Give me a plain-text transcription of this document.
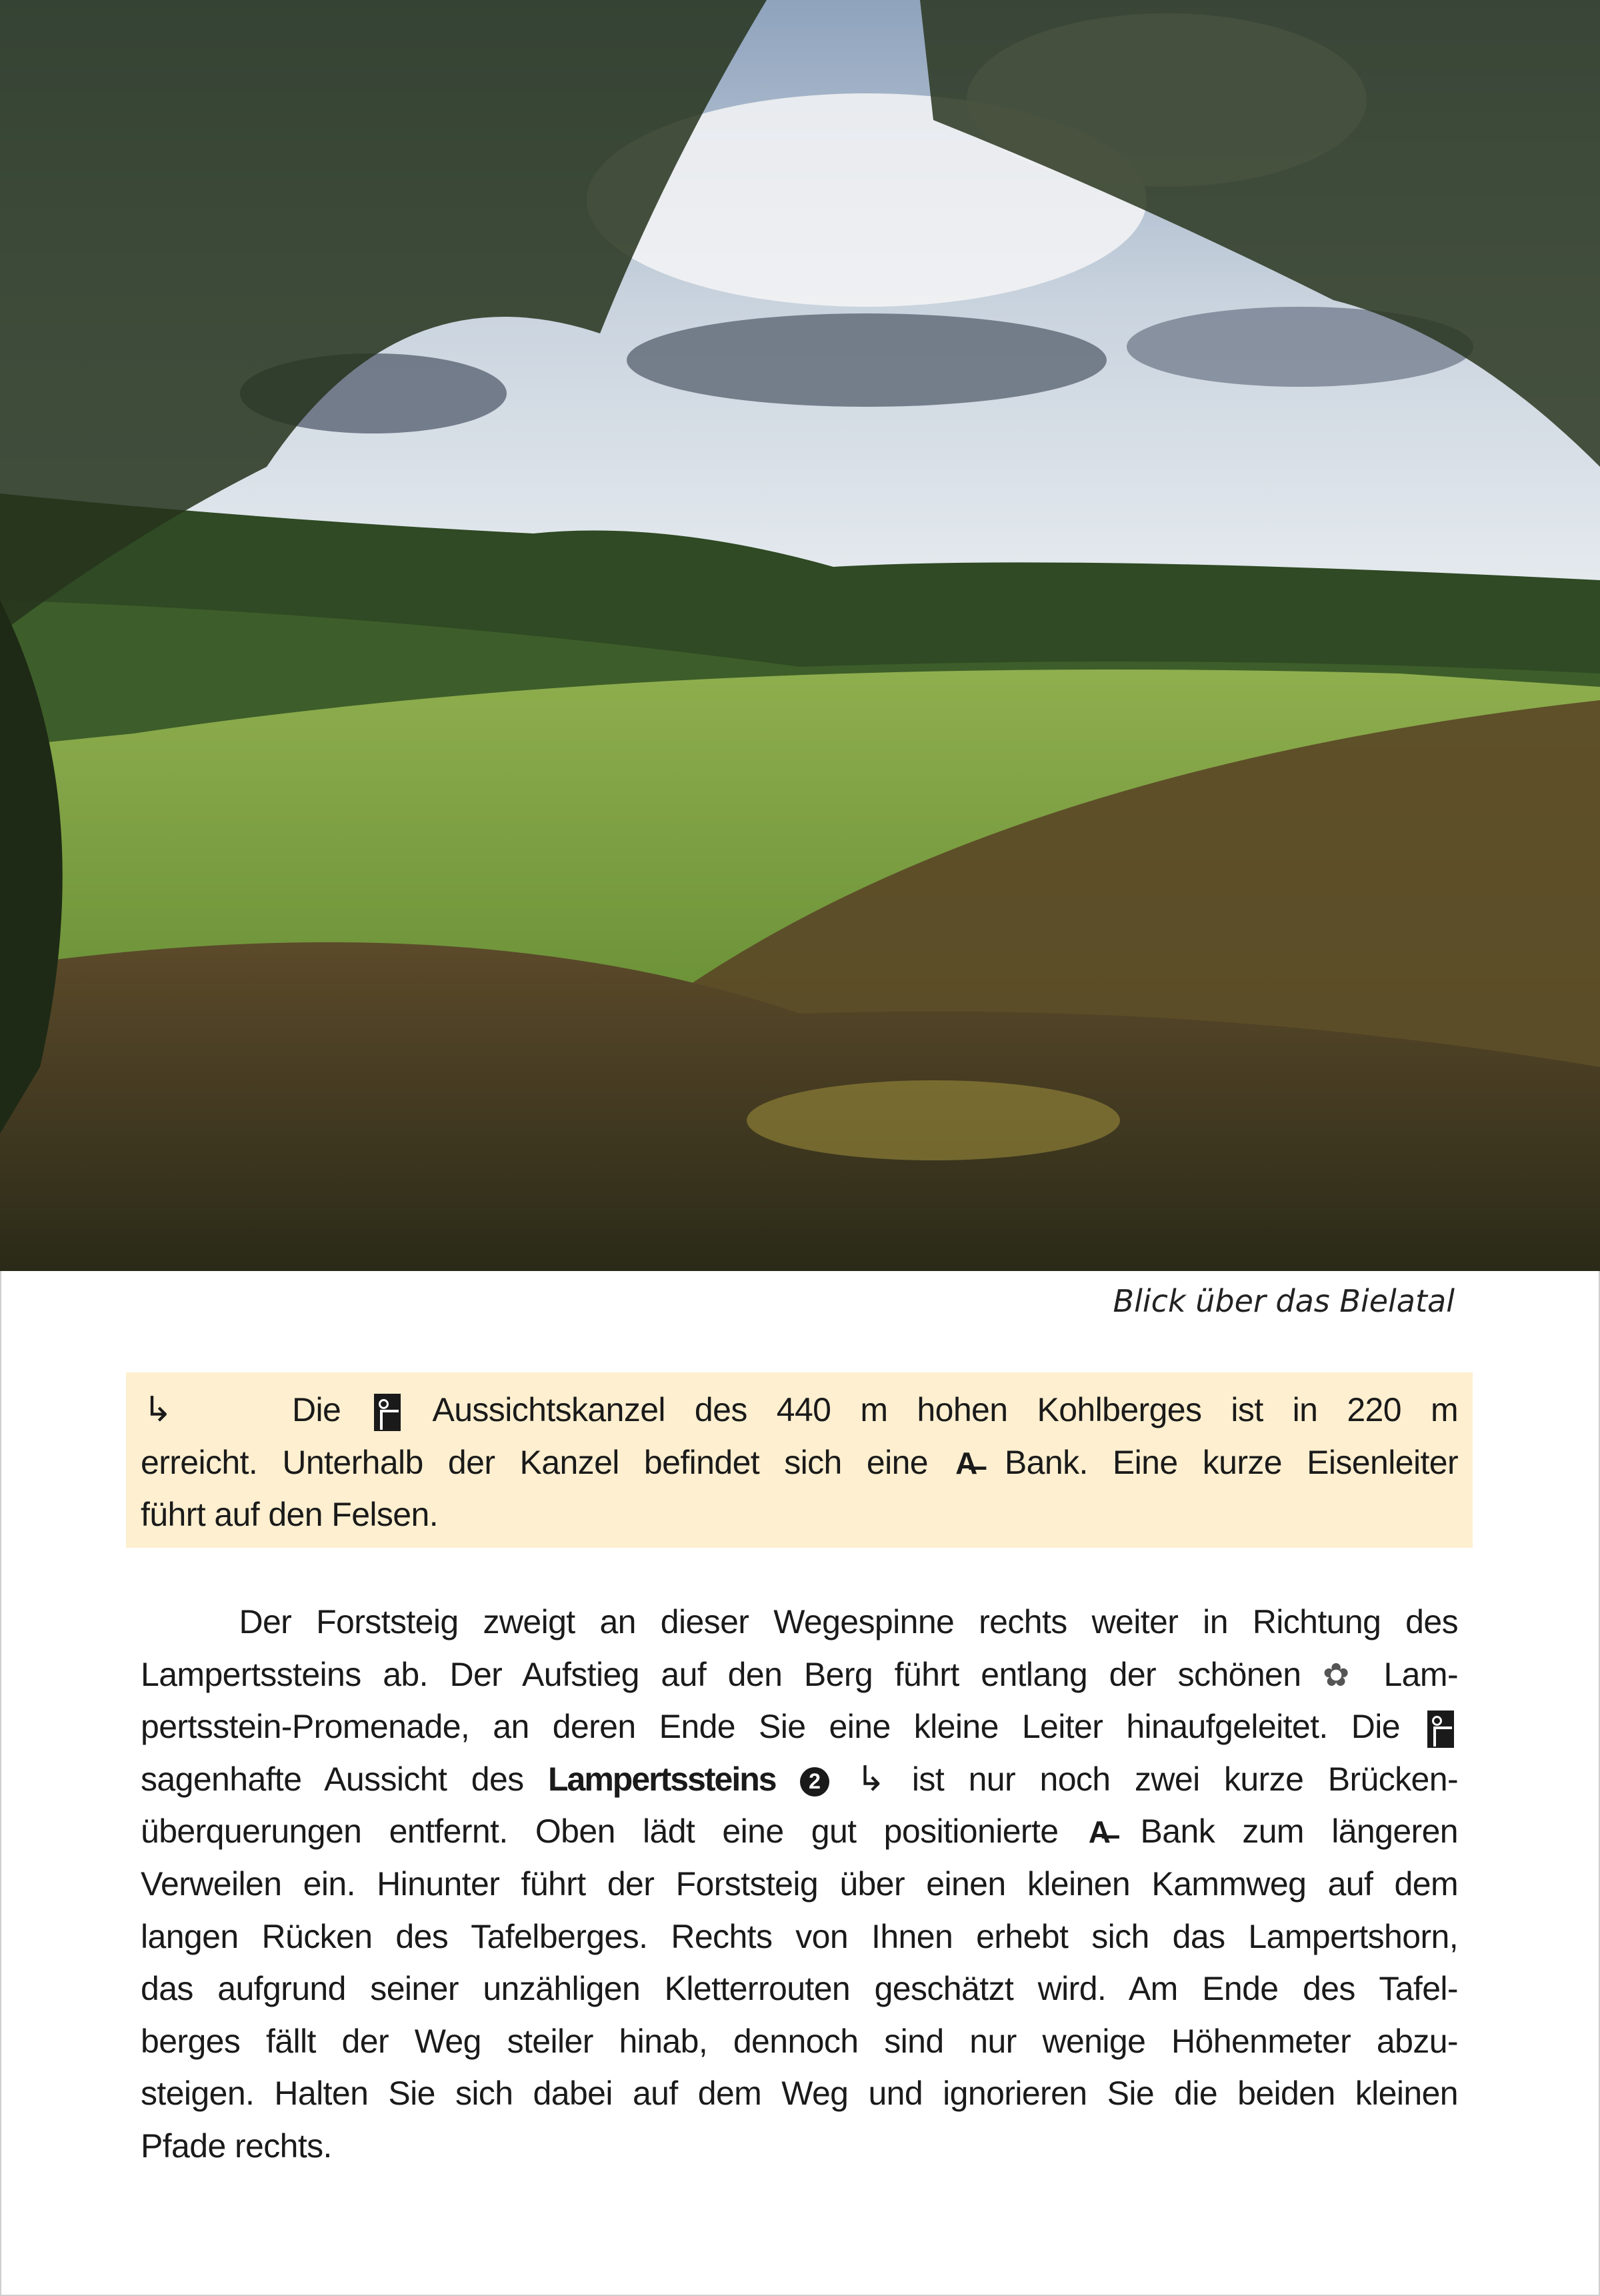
Blick über das Bielatal
↳    Die  Aussichtskanzel des 440 m hohen Kohlberges ist in 220 m
erreicht. Unterhalb der Kanzel befindet sich eine A̶ Bank. Eine kurze Eisenleiter
führt auf den Felsen.
Der Forststeig zweigt an dieser Wegespinne rechts weiter in Richtung des
Lampertssteins ab. Der Aufstieg auf den Berg führt entlang der schönen ✿ Lam-
pertsstein-Promenade, an deren Ende Sie eine kleine Leiter hinaufgeleitet. Die
sagenhafte Aussicht des Lampertssteins 2 ↳ ist nur noch zwei kurze Brücken-
überquerungen entfernt. Oben lädt eine gut positionierte A̶ Bank zum längeren
Verweilen ein. Hinunter führt der Forststeig über einen kleinen Kammweg auf dem
langen Rücken des Tafelberges. Rechts von Ihnen erhebt sich das Lampertshorn,
das aufgrund seiner unzähligen Kletterrouten geschätzt wird. Am Ende des Tafel-
berges fällt der Weg steiler hinab, dennoch sind nur wenige Höhenmeter abzu-
steigen. Halten Sie sich dabei auf dem Weg und ignorieren Sie die beiden kleinen
Pfade rechts.
